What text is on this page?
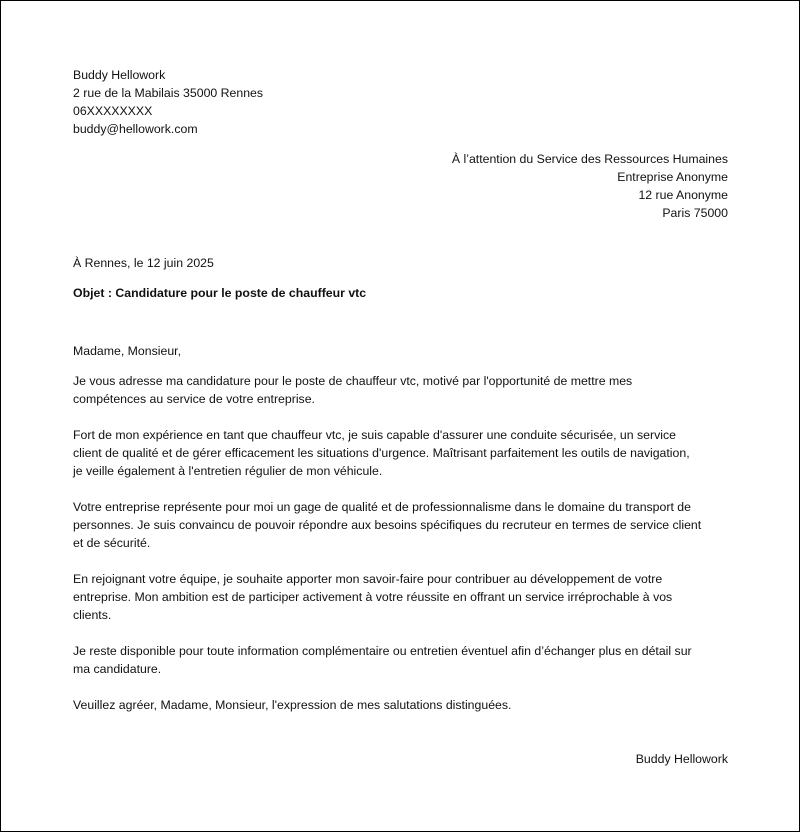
Buddy Hellowork
2 rue de la Mabilais 35000 Rennes
06XXXXXXXX
buddy@hellowork.com
À l’attention du Service des Ressources Humaines
Entreprise Anonyme
12 rue Anonyme
Paris 75000
À Rennes, le 12 juin 2025
Objet : Candidature pour le poste de chauffeur vtc
Madame, Monsieur,
Je vous adresse ma candidature pour le poste de chauffeur vtc, motivé par l'opportunité de mettre mes
compétences au service de votre entreprise.
Fort de mon expérience en tant que chauffeur vtc, je suis capable d'assurer une conduite sécurisée, un service
client de qualité et de gérer efficacement les situations d'urgence. Maîtrisant parfaitement les outils de navigation,
je veille également à l'entretien régulier de mon véhicule.
Votre entreprise représente pour moi un gage de qualité et de professionnalisme dans le domaine du transport de
personnes. Je suis convaincu de pouvoir répondre aux besoins spécifiques du recruteur en termes de service client
et de sécurité.
En rejoignant votre équipe, je souhaite apporter mon savoir-faire pour contribuer au développement de votre
entreprise. Mon ambition est de participer activement à votre réussite en offrant un service irréprochable à vos
clients.
Je reste disponible pour toute information complémentaire ou entretien éventuel afin d’échanger plus en détail sur
ma candidature.
Veuillez agréer, Madame, Monsieur, l'expression de mes salutations distinguées.
Buddy Hellowork
